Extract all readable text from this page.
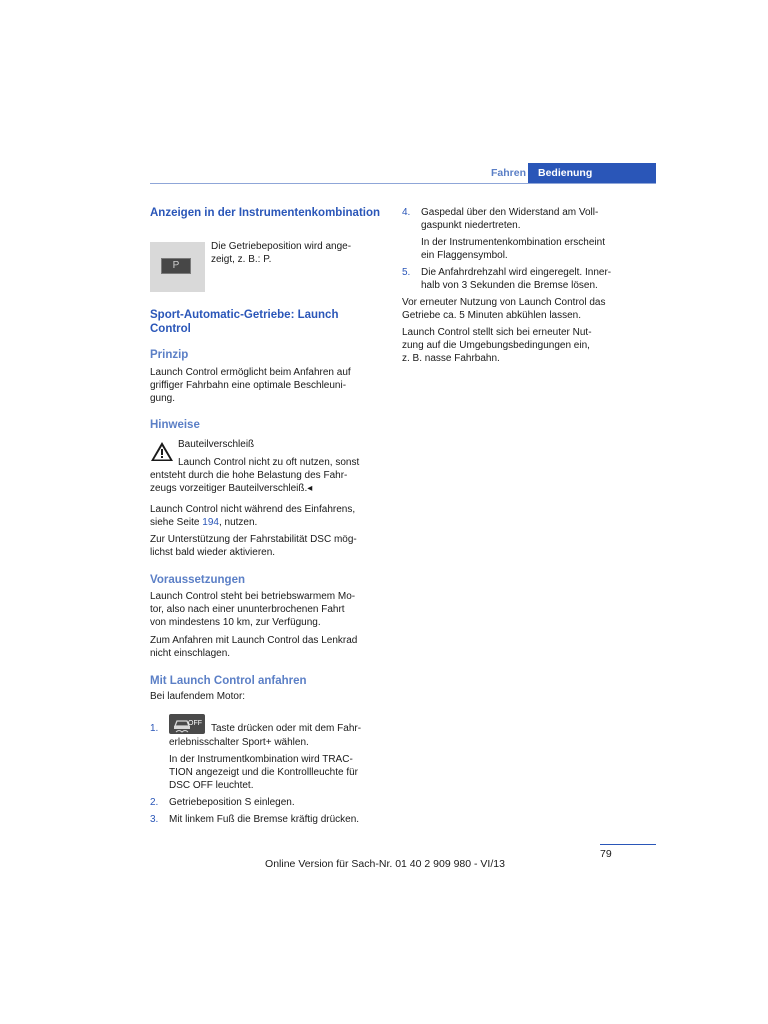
Fahren	Bedienung
Anzeigen in der Instrumentenkombination
P
Die Getriebeposition wird ange-
zeigt, z. B.: P.
Sport-Automatic-Getriebe: Launch
Control
Prinzip
Launch Control ermöglicht beim Anfahren auf
griffiger Fahrbahn eine optimale Beschleuni-
gung.
Hinweise
Bauteilverschleiß
Launch Control nicht zu oft nutzen, sonst
entsteht durch die hohe Belastung des Fahr-
zeugs vorzeitiger Bauteilverschleiß.◂
Launch Control nicht während des Einfahrens,
siehe Seite 194, nutzen.
Zur Unterstützung der Fahrstabilität DSC mög-
lichst bald wieder aktivieren.
Voraussetzungen
Launch Control steht bei betriebswarmem Mo-
tor, also nach einer ununterbrochenen Fahrt
von mindestens 10 km, zur Verfügung.
Zum Anfahren mit Launch Control das Lenkrad
nicht einschlagen.
Mit Launch Control anfahren
Bei laufendem Motor:
1.	OFF Taste drücken oder mit dem Fahr-
erlebnisschalter Sport+ wählen.
In der Instrumentkombination wird TRAC-
TION angezeigt und die Kontrollleuchte für
DSC OFF leuchtet.
2.	Getriebeposition S einlegen.
3.	Mit linkem Fuß die Bremse kräftig drücken.
4.	Gaspedal über den Widerstand am Voll-
gaspunkt niedertreten.
In der Instrumentenkombination erscheint
ein Flaggensymbol.
5.	Die Anfahrdrehzahl wird eingeregelt. Inner-
halb von 3 Sekunden die Bremse lösen.
Vor erneuter Nutzung von Launch Control das
Getriebe ca. 5 Minuten abkühlen lassen.
Launch Control stellt sich bei erneuter Nut-
zung auf die Umgebungsbedingungen ein,
z. B. nasse Fahrbahn.
79
Online Version für Sach-Nr. 01 40 2 909 980 - VI/13
